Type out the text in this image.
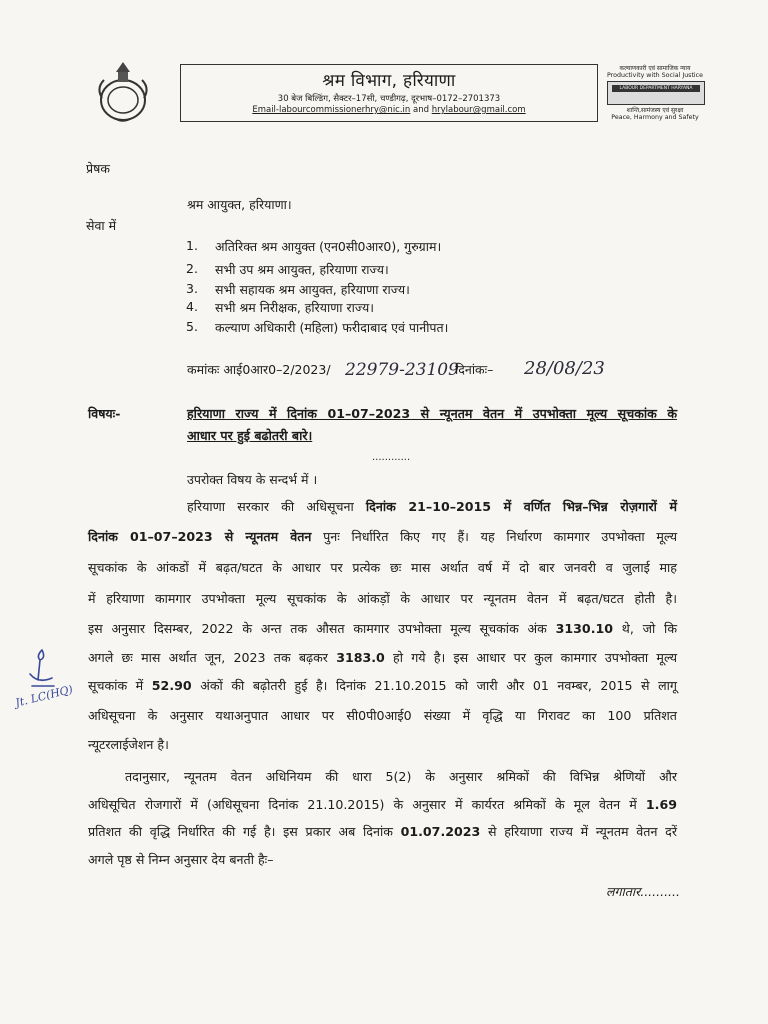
श्रम विभाग, हरियाणा
30 बेज बिल्डिंग, सैक्टर–17सी, चण्डीगढ़, दूरभाष–0172–2701373
Email-labourcommissionerhry@nic.in and hrylabour@gmail.com
कल्याणकारी एवं सामाजिक न्याय
Productivity with Social Justice
LABOUR DEPARTMENT HARYANA
शान्ति,सामंजस्य एवं सुरक्षा
Peace, Harmony and Safety
प्रेषक
श्रम आयुक्त, हरियाणा।
सेवा में
1. अतिरिक्त श्रम आयुक्त (एन0सी0आर0), गुरुग्राम।
2. सभी उप श्रम आयुक्त, हरियाणा राज्य।
3. सभी सहायक श्रम आयुक्त, हरियाणा राज्य।
4. सभी श्रम निरीक्षक, हरियाणा राज्य।
5. कल्याण अधिकारी (महिला) फरीदाबाद एवं पानीपत।
कमांकः आई0आर0–2/2023/ 22979-23109
दिनांकः– 28/08/23
विषयः-	हरियाणा राज्य में दिनांक 01–07–2023 से न्यूनतम वेतन में उपभोक्ता मूल्य सूचकांक के
आधार पर हुई बढोतरी बारे।
............
उपरोक्त विषय के सन्दर्भ में ।
हरियाणा सरकार की अधिसूचना दिनांक 21–10–2015 में वर्णित भिन्न–भिन्न रोज़गारों में
दिनांक 01–07–2023 से न्यूनतम वेतन पुनः निर्धारित किए गए हैं। यह निर्धारण कामगार उपभोक्ता मूल्य
सूचकांक के आंकडों में बढ़त/घटत के आधार पर प्रत्येक छः मास अर्थात वर्ष में दो बार जनवरी व जुलाई माह
में हरियाणा कामगार उपभोक्ता मूल्य सूचकांक के आंकड़ों के आधार पर न्यूनतम वेतन में बढ़त/घटत होती है।
इस अनुसार दिसम्बर, 2022 के अन्त तक औसत कामगार उपभोक्ता मूल्य सूचकांक अंक 3130.10 थे, जो कि
अगले छः मास अर्थात जून, 2023 तक बढ़कर 3183.0 हो गये है। इस आधार पर कुल कामगार उपभोक्ता मूल्य
सूचकांक में 52.90 अंकों की बढ़ोतरी हुई है। दिनांक 21.10.2015 को जारी और 01 नवम्बर, 2015 से लागू
अधिसूचना के अनुसार यथाअनुपात आधार पर सी0पी0आई0 संख्या में वृद्धि या गिरावट का 100 प्रतिशत
न्यूटरलाईजेशन है।
तदानुसार, न्यूनतम वेतन अधिनियम की धारा 5(2) के अनुसार श्रमिकों की विभिन्न श्रेणियों और
अधिसूचित रोजगारों में (अधिसूचना दिनांक 21.10.2015) के अनुसार में कार्यरत श्रमिकों के मूल वेतन में 1.69
प्रतिशत की वृद्धि निर्धारित की गई है। इस प्रकार अब दिनांक 01.07.2023 से हरियाणा राज्य में न्यूनतम वेतन दरें
अगले पृष्ठ से निम्न अनुसार देय बनती हैः–
लगातार..........
Jt. LC(HQ)
